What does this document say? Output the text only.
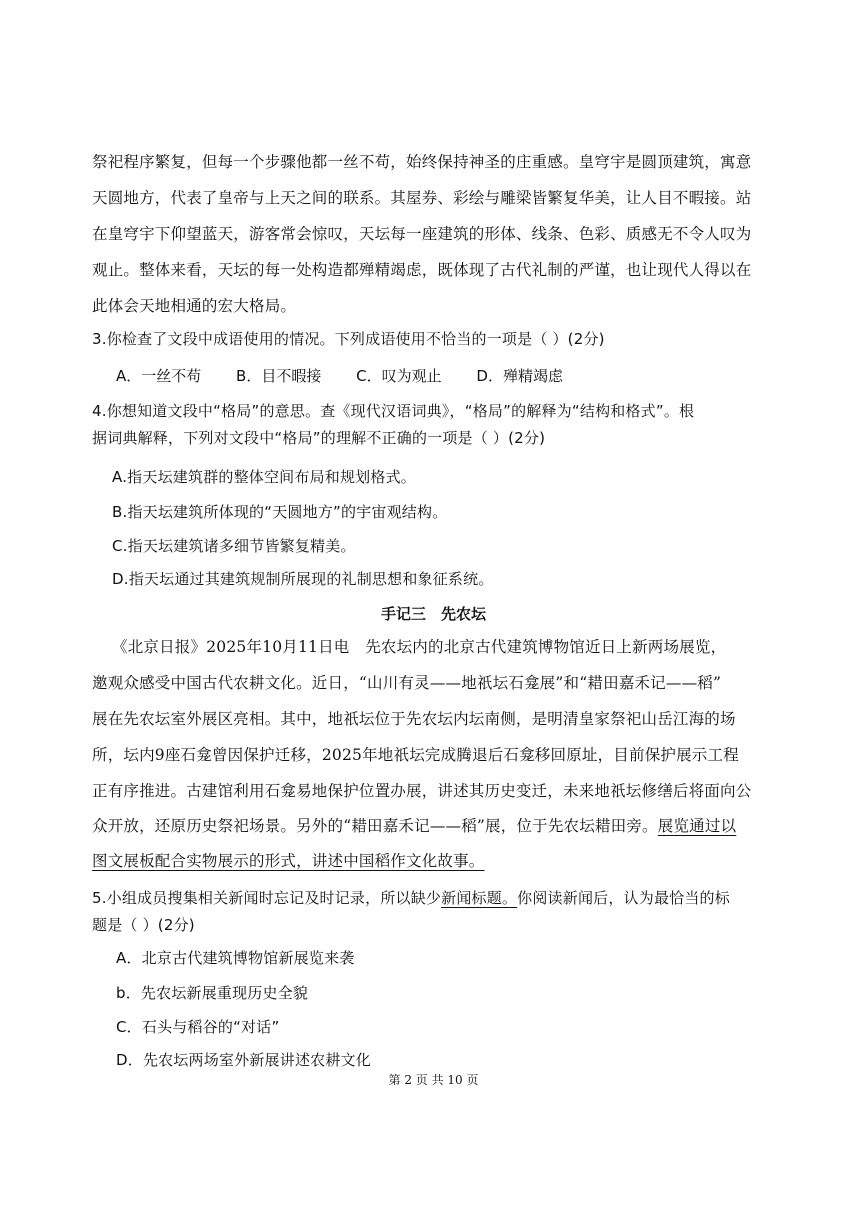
祭祀程序繁复，但每一个步骤他都一丝不苟，始终保持神圣的庄重感。皇穹宇是圆顶建筑，寓意

天圆地方，代表了皇帝与上天之间的联系。其屋券、彩绘与雕梁皆繁复华美，让人目不暇接。站

在皇穹宇下仰望蓝天，游客常会惊叹，天坛每一座建筑的形体、线条、色彩、质感无不令人叹为

观止。整体来看，天坛的每一处构造都殚精竭虑，既体现了古代礼制的严谨，也让现代人得以在

此体会天地相通的宏大格局。

3.你检查了文段中成语使用的情况。下列成语使用不恰当的一项是（ ）(2分)

A．一丝不苟 B．目不暇接 C．叹为观止 D．殚精竭虑

4.你想知道文段中“格局”的意思。查《现代汉语词典》，“格局”的解释为“结构和格式”。根

据词典解释，下列对文段中“格局”的理解不正确的一项是（ ）(2分)

A.指天坛建筑群的整体空间布局和规划格式。

B.指天坛建筑所体现的“天圆地方”的宇宙观结构。

C.指天坛建筑诸多细节皆繁复精美。

D.指天坛通过其建筑规制所展现的礼制思想和象征系统。

手记三　先农坛

《北京日报》2025年10月11日电　先农坛内的北京古代建筑博物馆近日上新两场展览，

邀观众感受中国古代农耕文化。近日，“山川有灵——地祇坛石龛展”和“耤田嘉禾记——稻”

展在先农坛室外展区亮相。其中，地祇坛位于先农坛内坛南侧，是明清皇家祭祀山岳江海的场

所，坛内9座石龛曾因保护迁移，2025年地祇坛完成腾退后石龛移回原址，目前保护展示工程

正有序推进。古建馆利用石龛易地保护位置办展，讲述其历史变迁，未来地祇坛修缮后将面向公

众开放，还原历史祭祀场景。另外的“耤田嘉禾记——稻”展，位于先农坛耤田旁。展览通过以

图文展板配合实物展示的形式，讲述中国稻作文化故事。

5.小组成员搜集相关新闻时忘记及时记录，所以缺少新闻标题。你阅读新闻后，认为最恰当的标

题是（ ）(2分)

A．北京古代建筑博物馆新展览来袭

b．先农坛新展重现历史全貌

C．石头与稻谷的“对话”

D．先农坛两场室外新展讲述农耕文化

第 2 页 共 10 页
